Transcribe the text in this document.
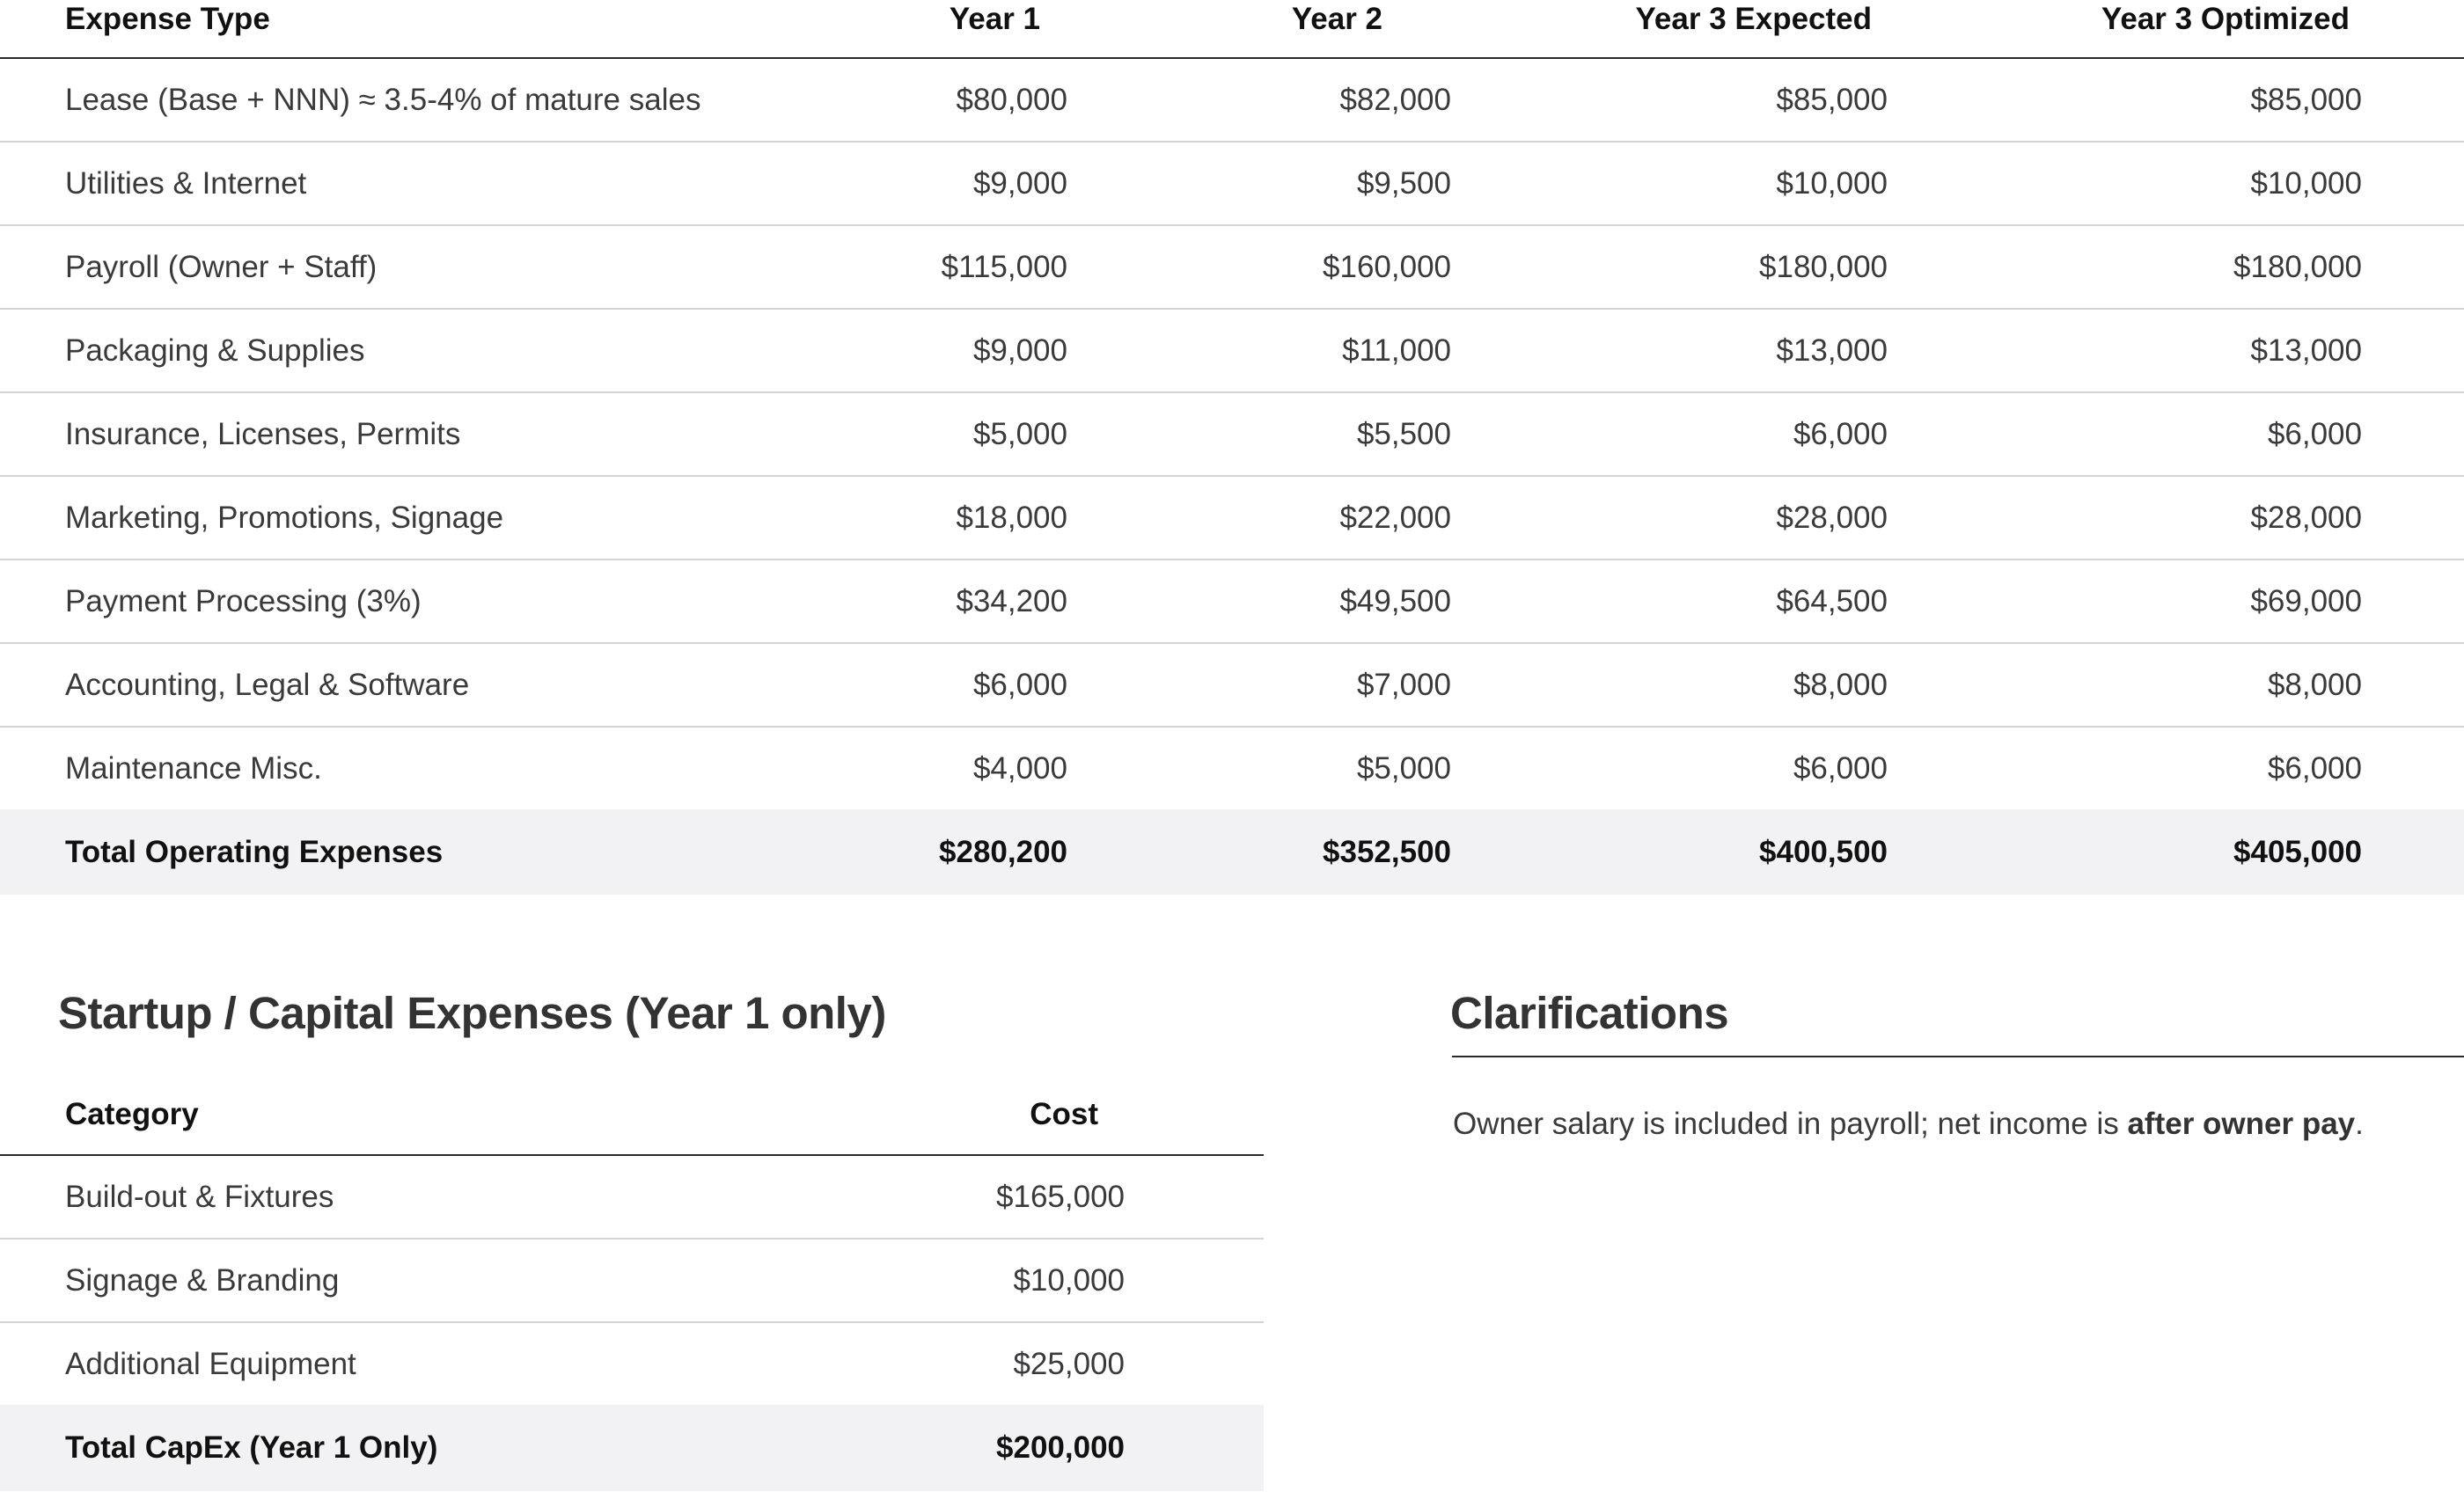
Expense Type	Year 1	Year 2	Year 3 Expected	Year 3 Optimized	
Lease (Base + NNN) ≈ 3.5-4% of mature sales	$80,000	$82,000	$85,000	$85,000	
Utilities & Internet	$9,000	$9,500	$10,000	$10,000	
Payroll (Owner + Staff)	$115,000	$160,000	$180,000	$180,000	
Packaging & Supplies	$9,000	$11,000	$13,000	$13,000	
Insurance, Licenses, Permits	$5,000	$5,500	$6,000	$6,000	
Marketing, Promotions, Signage	$18,000	$22,000	$28,000	$28,000	
Payment Processing (3%)	$34,200	$49,500	$64,500	$69,000	
Accounting, Legal & Software	$6,000	$7,000	$8,000	$8,000	
Maintenance Misc.	$4,000	$5,000	$6,000	$6,000	
Total Operating Expenses	$280,200	$352,500	$400,500	$405,000	
Startup / Capital Expenses (Year 1 only)
Category	Cost
Build-out & Fixtures	$165,000
Signage & Branding	$10,000
Additional Equipment	$25,000
Total CapEx (Year 1 Only)	$200,000
Clarifications

Owner salary is included in payroll; net income is after owner pay.
